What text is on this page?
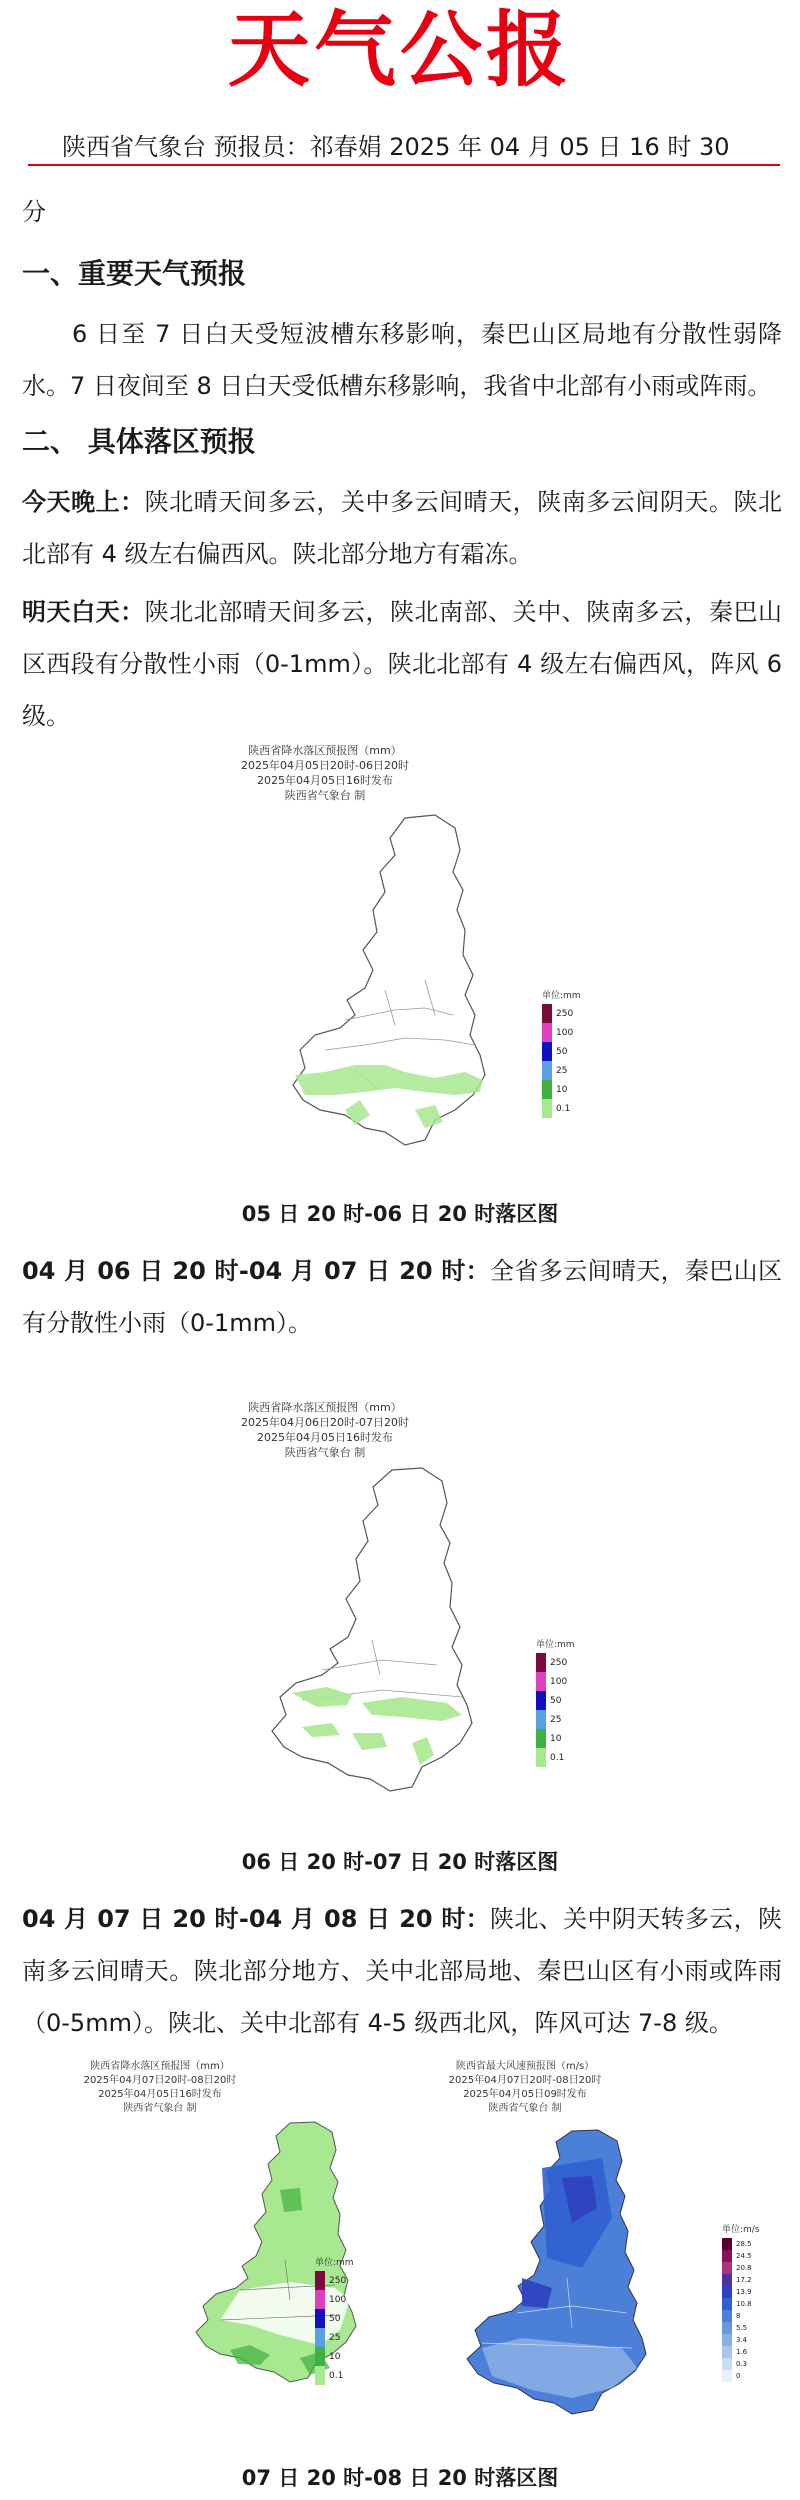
天气公报
陕西省气象台 预报员：祁春娟 2025 年 04 月 05 日 16 时 30
分
一、重要天气预报
6 日至 7 日白天受短波槽东移影响，秦巴山区局地有分散性弱降水。7 日夜间至 8 日白天受低槽东移影响，我省中北部有小雨或阵雨。
二、 具体落区预报
今天晚上：陕北晴天间多云，关中多云间晴天，陕南多云间阴天。陕北北部有 4 级左右偏西风。陕北部分地方有霜冻。
明天白天：陕北北部晴天间多云，陕北南部、关中、陕南多云，秦巴山区西段有分散性小雨（0-1mm）。陕北北部有 4 级左右偏西风，阵风 6 级。
陕西省降水落区预报图（mm）
2025年04月05日20时-06日20时
2025年04月05日16时发布
陕西省气象台 制
单位:mm
250
100
50
25
10
0.1
05 日 20 时-06 日 20 时落区图
04 月 06 日 20 时-04 月 07 日 20 时：全省多云间晴天，秦巴山区有分散性小雨（0-1mm）。
陕西省降水落区预报图（mm）
2025年04月06日20时-07日20时
2025年04月05日16时发布
陕西省气象台 制
单位:mm
250
100
50
25
10
0.1
06 日 20 时-07 日 20 时落区图
04 月 07 日 20 时-04 月 08 日 20 时：陕北、关中阴天转多云，陕南多云间晴天。陕北部分地方、关中北部局地、秦巴山区有小雨或阵雨（0-5mm）。陕北、关中北部有 4-5 级西北风，阵风可达 7-8 级。
陕西省降水落区预报图（mm）
2025年04月07日20时-08日20时
2025年04月05日16时发布
陕西省气象台 制
单位:mm
250
100
50
25
10
0.1
陕西省最大风速预报图（m/s）
2025年04月07日20时-08日20时
2025年04月05日09时发布
陕西省气象台 制
单位:m/s
28.5
24.5
20.8
17.2
13.9
10.8
8
5.5
3.4
1.6
0.3
0
07 日 20 时-08 日 20 时落区图
